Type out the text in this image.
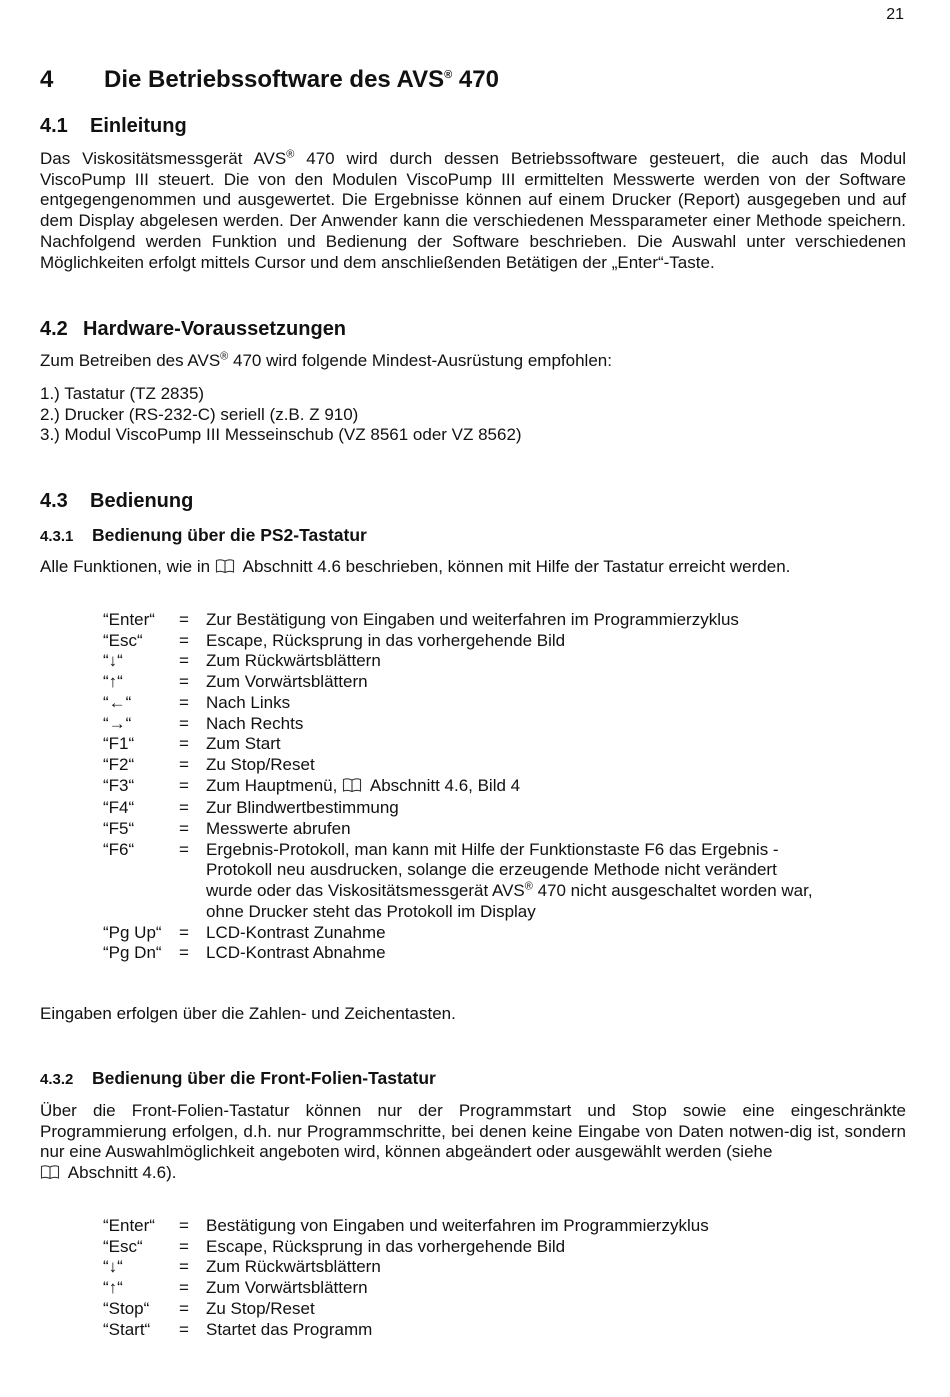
21
4 Die Betriebssoftware des AVS® 470
4.1 Einleitung

Das Viskositätsmessgerät AVS® 470 wird durch dessen Betriebssoftware gesteuert, die auch das Modul ViscoPump III steuert. Die von den Modulen ViscoPump III ermittelten Messwerte werden von der Software entgegengenommen und ausgewertet. Die Ergebnisse können auf einem Drucker (Report) ausgegeben und auf dem Display abgelesen werden. Der Anwender kann die verschiedenen Messparameter einer Methode speichern. Nachfolgend werden Funktion und Bedienung der Software beschrieben. Die Auswahl unter verschiedenen Möglichkeiten erfolgt mittels Cursor und dem anschließenden Betätigen der „Enter“-Taste.

4.2 Hardware-Voraussetzungen

Zum Betreiben des AVS® 470 wird folgende Mindest-Ausrüstung empfohlen:

1.) Tastatur (TZ 2835)
2.) Drucker (RS-232-C) seriell (z.B. Z 910)
3.) Modul ViscoPump III Messeinschub (VZ 8561 oder VZ 8562)
4.3 Bedienung
4.3.1 Bedienung über die PS2-Tastatur

Alle Funktionen, wie in  Abschnitt 4.6 beschrieben, können mit Hilfe der Tastatur erreicht werden.

“Enter“	=	Zur Bestätigung von Eingaben und weiterfahren im Programmierzyklus
“Esc“	=	Escape, Rücksprung in das vorhergehende Bild
“↓“	=	Zum Rückwärtsblättern
“↑“	=	Zum Vorwärtsblättern
“←“	=	Nach Links
“→“	=	Nach Rechts
“F1“	=	Zum Start
“F2“	=	Zu Stop/Reset
“F3“	=	Zum Hauptmenü,  Abschnitt 4.6, Bild 4
“F4“	=	Zur Blindwertbestimmung
“F5“	=	Messwerte abrufen
“F6“	=	Ergebnis-Protokoll, man kann mit Hilfe der Funktionstaste F6 das Ergebnis -Protokoll neu ausdrucken, solange die erzeugende Methode nicht verändert wurde oder das Viskositätsmessgerät AVS® 470 nicht ausgeschaltet worden war, ohne Drucker steht das Protokoll im Display
“Pg Up“	=	LCD-Kontrast Zunahme
“Pg Dn“	=	LCD-Kontrast Abnahme

Eingaben erfolgen über die Zahlen- und Zeichentasten.

4.3.2 Bedienung über die Front-Folien-Tastatur

Über die Front-Folien-Tastatur können nur der Programmstart und Stop sowie eine eingeschränkte Programmierung erfolgen, d.h. nur Programmschritte, bei denen keine Eingabe von Daten notwen-dig ist, sondern nur eine Auswahlmöglichkeit angeboten wird, können abgeändert oder ausgewählt werden (siehe
Abschnitt 4.6).

“Enter“	=	Bestätigung von Eingaben und weiterfahren im Programmierzyklus
“Esc“	=	Escape, Rücksprung in das vorhergehende Bild
“↓“	=	Zum Rückwärtsblättern
“↑“	=	Zum Vorwärtsblättern
“Stop“	=	Zu Stop/Reset
“Start“	=	Startet das Programm
